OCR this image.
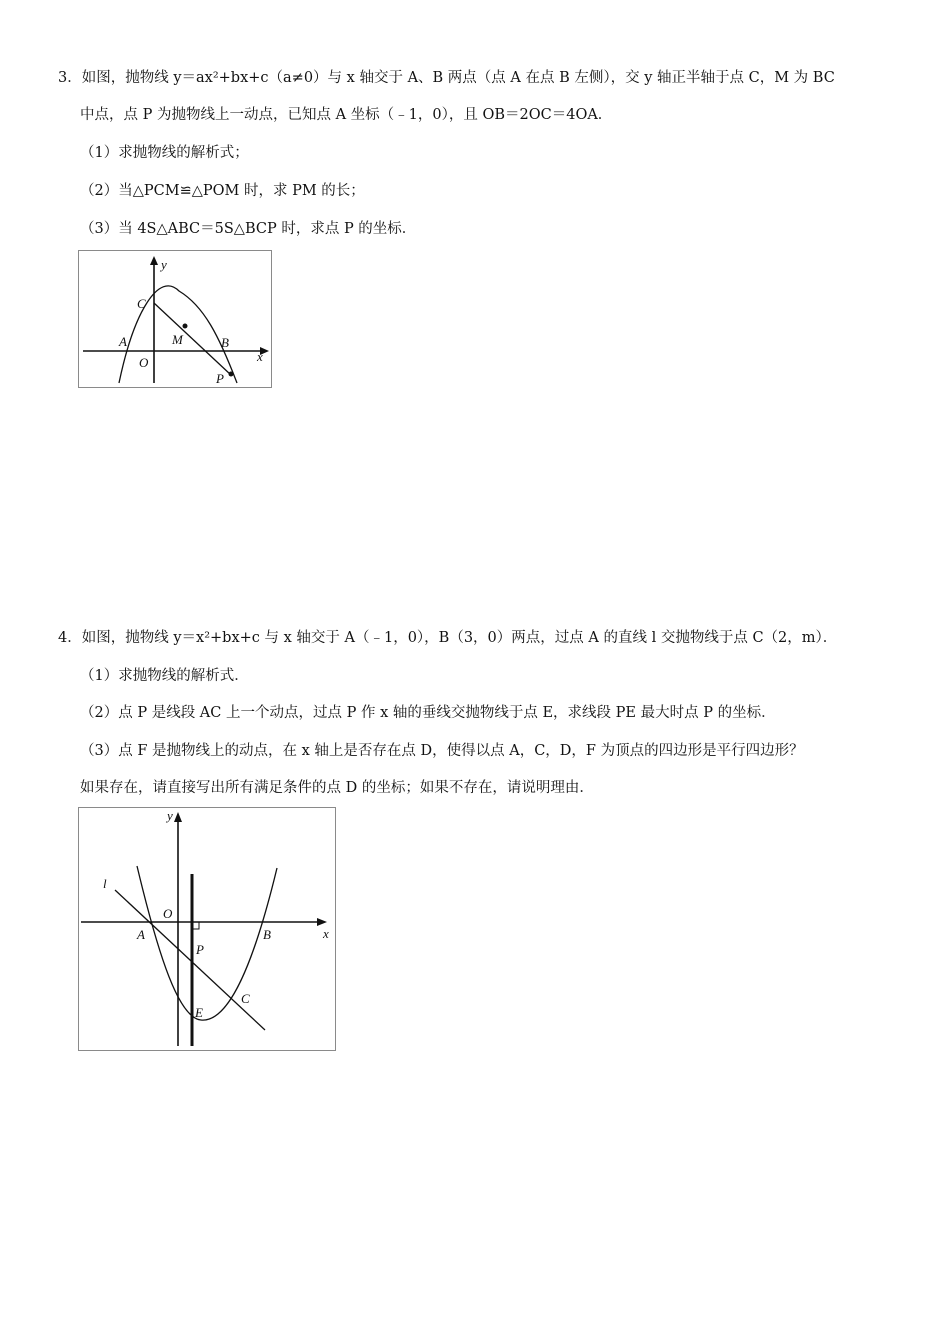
3．如图，抛物线 y＝ax²+bx+c（a≠0）与 x 轴交于 A、B 两点（点 A 在点 B 左侧），交 y 轴正半轴于点 C，M 为 BC
中点，点 P 为抛物线上一动点，已知点 A 坐标（﹣1，0），且 OB＝2OC＝4OA．
（1）求抛物线的解析式；
（2）当△PCM≌△POM 时，求 PM 的长；
（3）当 4S△ABC＝5S△BCP 时，求点 P 的坐标．
y
C
A
O
M	B
x
P
4．如图，抛物线 y＝x²+bx+c 与 x 轴交于 A（﹣1，0），B（3，0）两点，过点 A 的直线 l 交抛物线于点 C（2，m）．
（1）求抛物线的解析式．
（2）点 P 是线段 AC 上一个动点，过点 P 作 x 轴的垂线交抛物线于点 E，求线段 PE 最大时点 P 的坐标．
（3）点 F 是抛物线上的动点，在 x 轴上是否存在点 D，使得以点 A，C，D，F 为顶点的四边形是平行四边形？
如果存在，请直接写出所有满足条件的点 D 的坐标；如果不存在，请说明理由．
y
l
O
A
P
B	x
C
E
